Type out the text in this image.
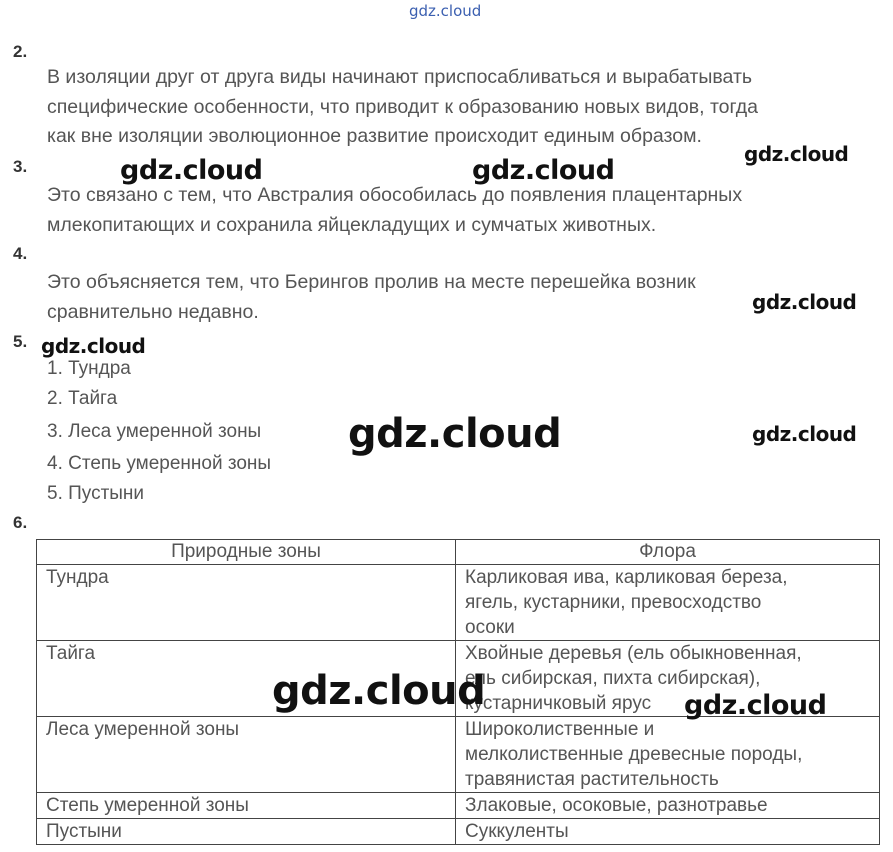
gdz.cloud
2.
В изоляции друг от друга виды начинают приспосабливаться и вырабатывать
специфические особенности, что приводит к образованию новых видов, тогда
как вне изоляции эволюционное развитие происходит единым образом.
3.
Это связано с тем, что Австралия обособилась до появления плацентарных
млекопитающих и сохранила яйцекладущих и сумчатых животных.
4.
Это объясняется тем, что Берингов пролив на месте перешейка возник
сравнительно недавно.
5.
1. Тундра
2. Тайга
3. Леса умеренной зоны
4. Степь умеренной зоны
5. Пустыни
6.
Природные зоны	Флора
Тундра	Карликовая ива, карликовая береза,
ягель, кустарники, превосходство
осоки

Тайга	Хвойные деревья (ель обыкновенная,
ель сибирская, пихта сибирская),
кустарничковый ярус

Леса умеренной зоны	Широколиственные и
мелколиственные древесные породы,
травянистая растительность

Степь умеренной зоны	Злаковые, осоковые, разнотравье

Пустыни	Суккуленты
gdz.cloud	gdz.cloud
gdz.cloud
gdz.cloud
gdz.cloud
gdz.cloud	gdz.cloud
gdz.cloud	gdz.cloud
